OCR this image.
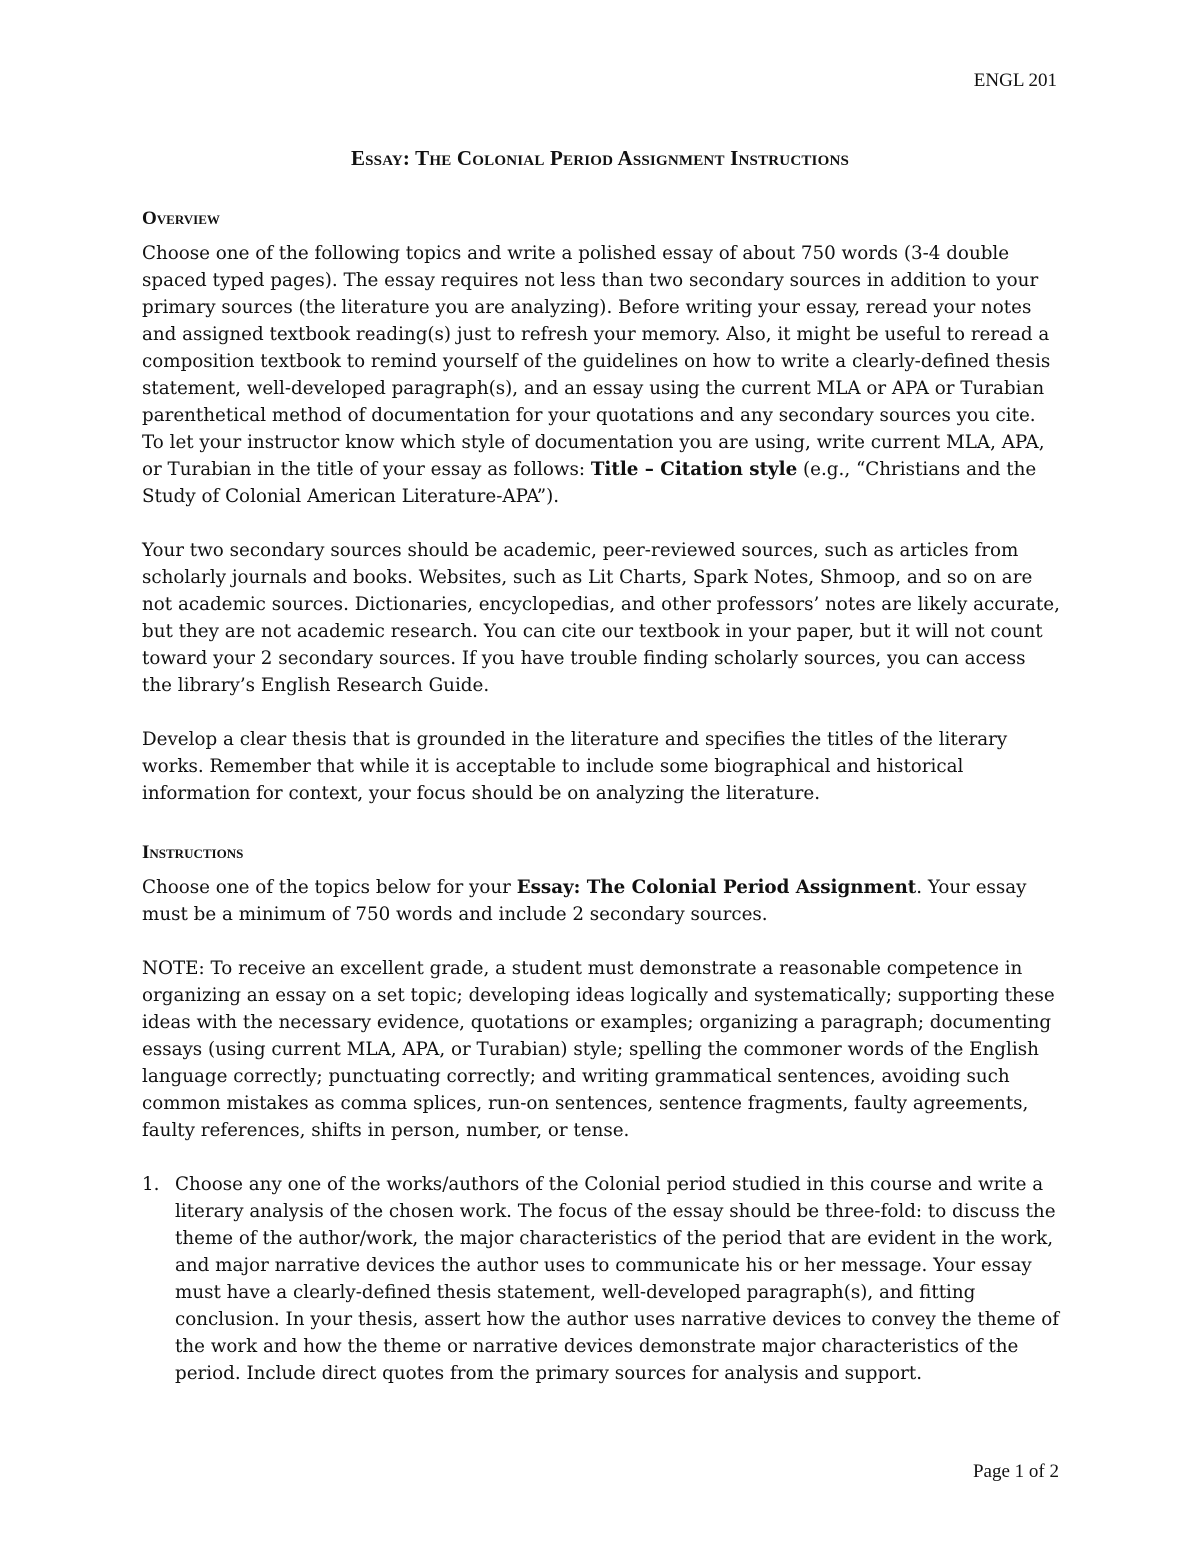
ENGL 201
Essay: The Colonial Period Assignment Instructions
Overview

Choose one of the following topics and write a polished essay of about 750 words (3-4 double spaced typed pages). The essay requires not less than two secondary sources in addition to your primary sources (the literature you are analyzing). Before writing your essay, reread your notes and assigned textbook reading(s) just to refresh your memory. Also, it might be useful to reread a composition textbook to remind yourself of the guidelines on how to write a clearly-defined thesis statement, well-developed paragraph(s), and an essay using the current MLA or APA or Turabian parenthetical method of documentation for your quotations and any secondary sources you cite. To let your instructor know which style of documentation you are using, write current MLA, APA, or Turabian in the title of your essay as follows: Title – Citation style (e.g., “Christians and the Study of Colonial American Literature-APA”).

Your two secondary sources should be academic, peer-reviewed sources, such as articles from scholarly journals and books. Websites, such as Lit Charts, Spark Notes, Shmoop, and so on are not academic sources. Dictionaries, encyclopedias, and other professors’ notes are likely accurate, but they are not academic research. You can cite our textbook in your paper, but it will not count toward your 2 secondary sources. If you have trouble finding scholarly sources, you can access the library’s English Research Guide.

Develop a clear thesis that is grounded in the literature and specifies the titles of the literary works. Remember that while it is acceptable to include some biographical and historical information for context, your focus should be on analyzing the literature.

Instructions

Choose one of the topics below for your Essay: The Colonial Period Assignment. Your essay must be a minimum of 750 words and include 2 secondary sources.

NOTE: To receive an excellent grade, a student must demonstrate a reasonable competence in organizing an essay on a set topic; developing ideas logically and systematically; supporting these ideas with the necessary evidence, quotations or examples; organizing a paragraph; documenting essays (using current MLA, APA, or Turabian) style; spelling the commoner words of the English language correctly; punctuating correctly; and writing grammatical sentences, avoiding such common mistakes as comma splices, run-on sentences, sentence fragments, faulty agreements, faulty references, shifts in person, number, or tense.

1. Choose any one of the works/authors of the Colonial period studied in this course and write a literary analysis of the chosen work. The focus of the essay should be three-fold: to discuss the theme of the author/work, the major characteristics of the period that are evident in the work, and major narrative devices the author uses to communicate his or her message. Your essay must have a clearly-defined thesis statement, well-developed paragraph(s), and fitting conclusion. In your thesis, assert how the author uses narrative devices to convey the theme of the work and how the theme or narrative devices demonstrate major characteristics of the period. Include direct quotes from the primary sources for analysis and support.
Page 1 of 2
